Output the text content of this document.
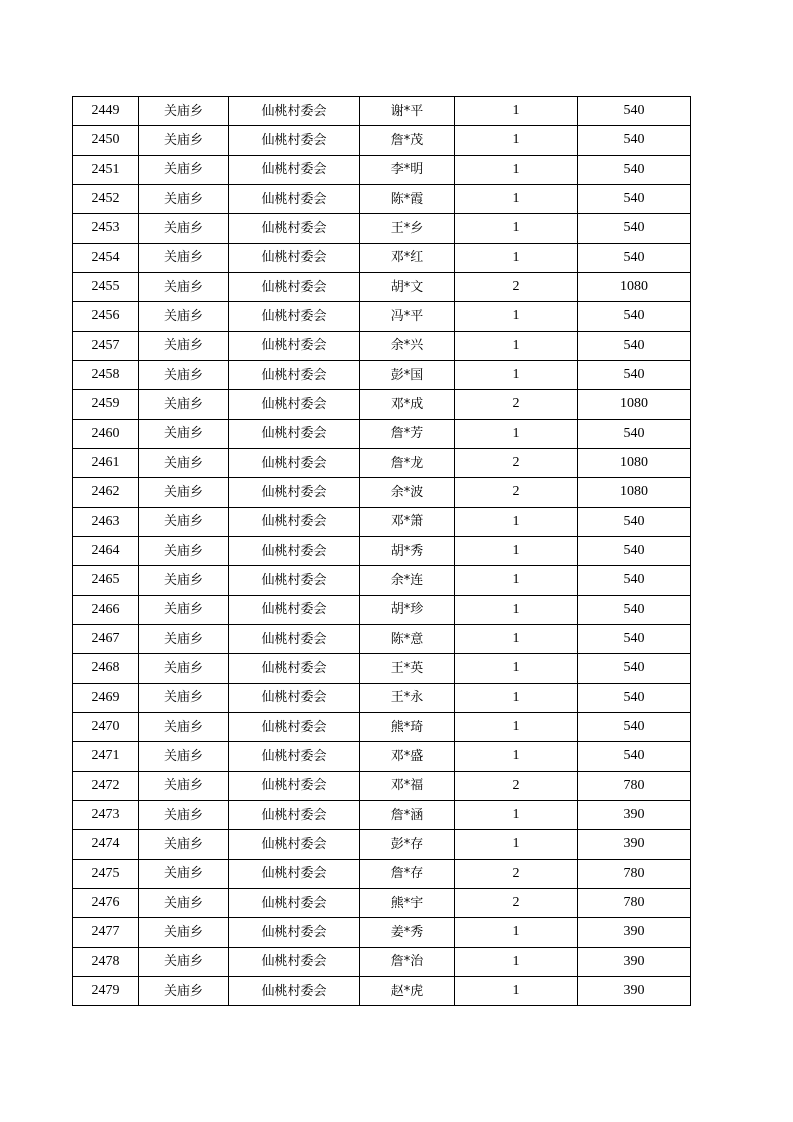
2449	关庙乡	仙桃村委会	谢*平	1	540
2450	关庙乡	仙桃村委会	詹*茂	1	540
2451	关庙乡	仙桃村委会	李*明	1	540
2452	关庙乡	仙桃村委会	陈*霞	1	540
2453	关庙乡	仙桃村委会	王*乡	1	540
2454	关庙乡	仙桃村委会	邓*红	1	540
2455	关庙乡	仙桃村委会	胡*文	2	1080
2456	关庙乡	仙桃村委会	冯*平	1	540
2457	关庙乡	仙桃村委会	余*兴	1	540
2458	关庙乡	仙桃村委会	彭*国	1	540
2459	关庙乡	仙桃村委会	邓*成	2	1080
2460	关庙乡	仙桃村委会	詹*芳	1	540
2461	关庙乡	仙桃村委会	詹*龙	2	1080
2462	关庙乡	仙桃村委会	余*波	2	1080
2463	关庙乡	仙桃村委会	邓*箫	1	540
2464	关庙乡	仙桃村委会	胡*秀	1	540
2465	关庙乡	仙桃村委会	余*连	1	540
2466	关庙乡	仙桃村委会	胡*珍	1	540
2467	关庙乡	仙桃村委会	陈*意	1	540
2468	关庙乡	仙桃村委会	王*英	1	540
2469	关庙乡	仙桃村委会	王*永	1	540
2470	关庙乡	仙桃村委会	熊*琦	1	540
2471	关庙乡	仙桃村委会	邓*盛	1	540
2472	关庙乡	仙桃村委会	邓*福	2	780
2473	关庙乡	仙桃村委会	詹*涵	1	390
2474	关庙乡	仙桃村委会	彭*存	1	390
2475	关庙乡	仙桃村委会	詹*存	2	780
2476	关庙乡	仙桃村委会	熊*宇	2	780
2477	关庙乡	仙桃村委会	姜*秀	1	390
2478	关庙乡	仙桃村委会	詹*治	1	390
2479	关庙乡	仙桃村委会	赵*虎	1	390
